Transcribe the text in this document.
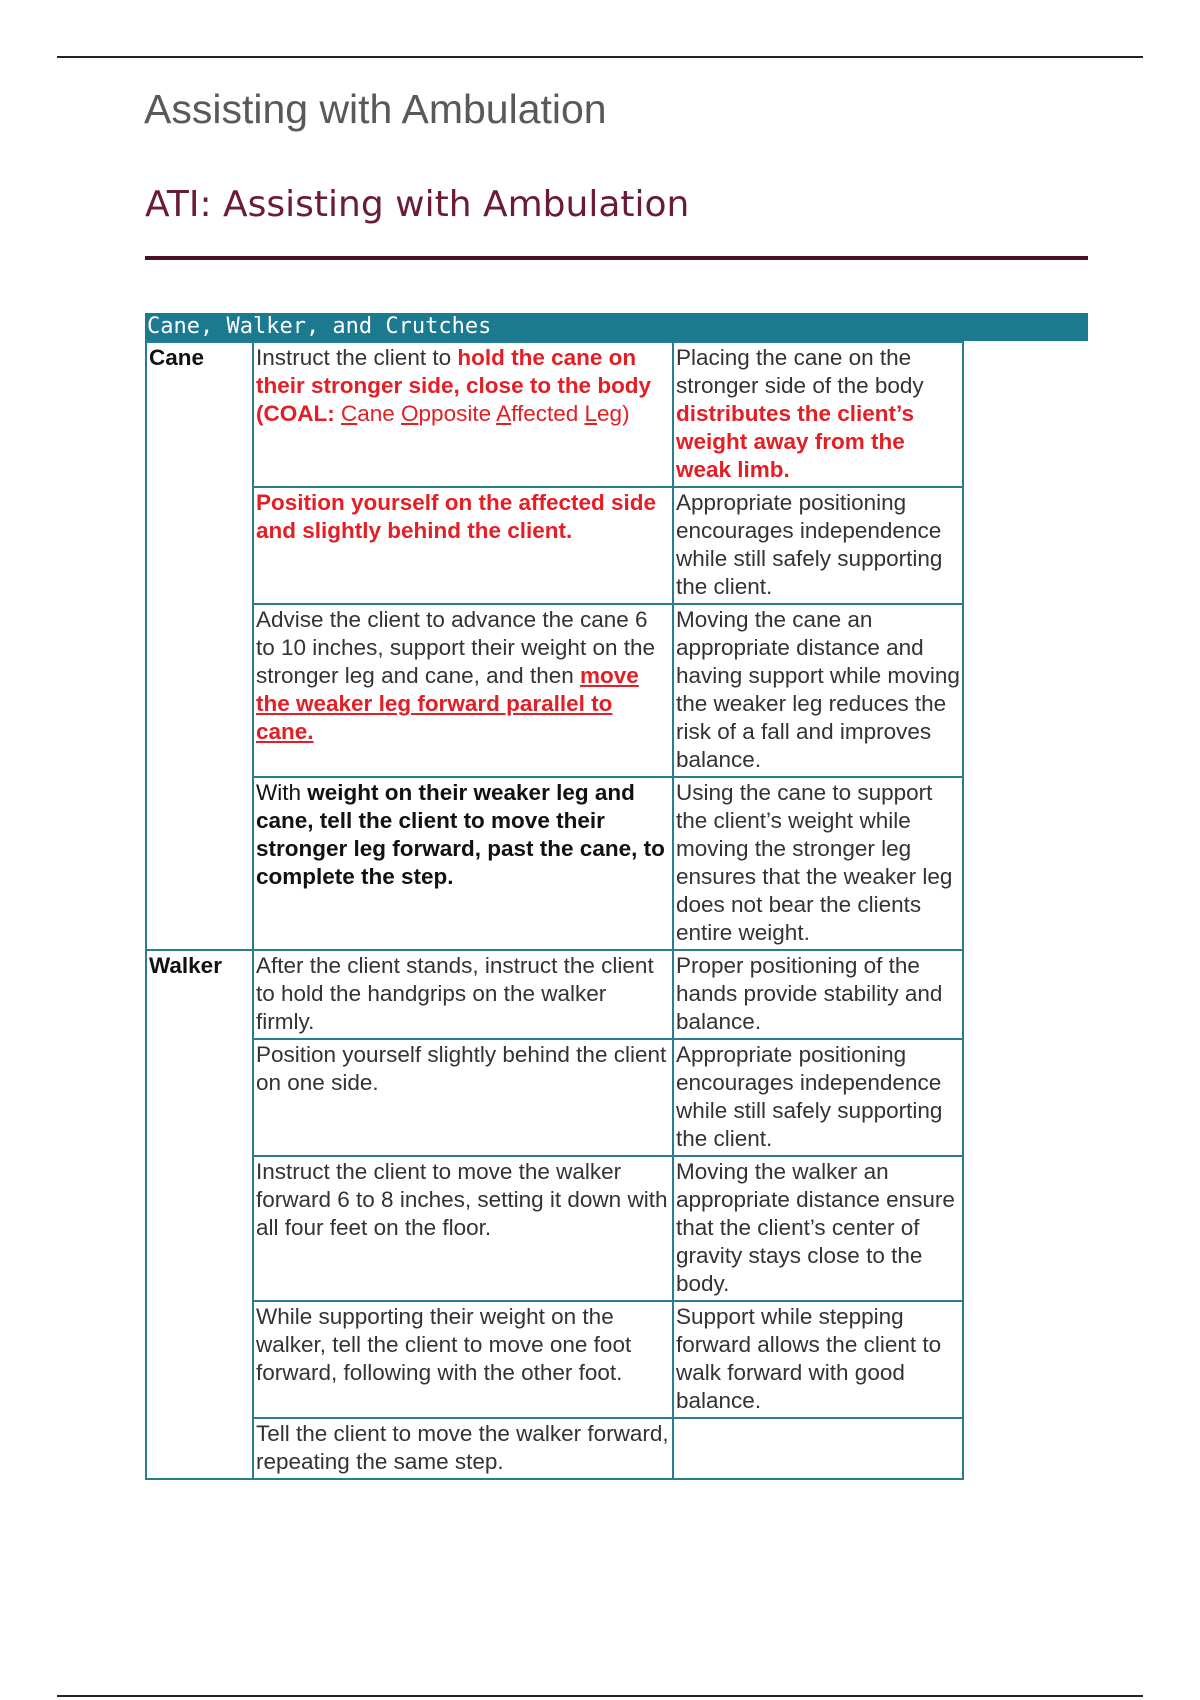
Assisting with Ambulation
ATI: Assisting with Ambulation
Cane, Walker, and Crutches
Cane	Instruct the client to hold the cane on their stronger side, close to the body (COAL: Cane Opposite Affected Leg)	Placing the cane on the stronger side of the body distributes the client’s weight away from the weak limb.
	Position yourself on the affected side and slightly behind the client.	Appropriate positioning encourages independence while still safely supporting the client.
	Advise the client to advance the cane 6 to 10 inches, support their weight on the stronger leg and cane, and then move the weaker leg forward parallel to cane.	Moving the cane an appropriate distance and having support while moving the weaker leg reduces the risk of a fall and improves balance.
	With weight on their weaker leg and cane, tell the client to move their stronger leg forward, past the cane, to complete the step.	Using the cane to support the client’s weight while moving the stronger leg ensures that the weaker leg does not bear the clients entire weight.
Walker	After the client stands, instruct the client to hold the handgrips on the walker firmly.	Proper positioning of the hands provide stability and balance.
	Position yourself slightly behind the client on one side.	Appropriate positioning encourages independence while still safely supporting the client.
	Instruct the client to move the walker forward 6 to 8 inches, setting it down with all four feet on the floor.	Moving the walker an appropriate distance ensure that the client’s center of gravity stays close to the body.
	While supporting their weight on the walker, tell the client to move one foot forward, following with the other foot.	Support while stepping forward allows the client to walk forward with good balance.
	Tell the client to move the walker forward, repeating the same step.	
